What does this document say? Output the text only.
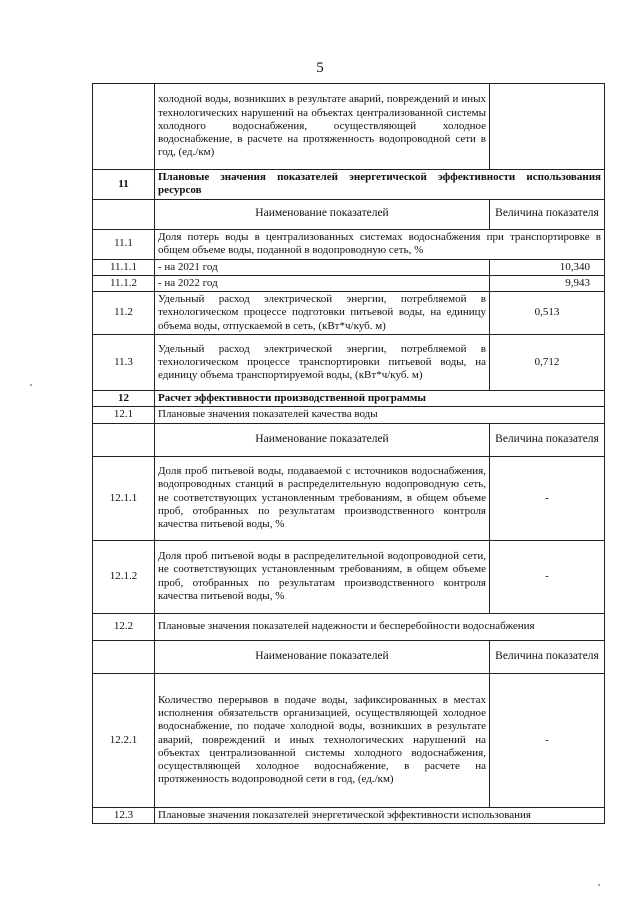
5
	холодной воды, возникших в результате аварий, повреждений и иных технологических нарушений на объектах централизованной системы холодного водоснабжения, осуществляющей холодное водоснабжение, в расчете на протяженность водопроводной сети в год, (ед./км)	
11	Плановые значения показателей энергетической эффективности использования ресурсов	
	Наименование показателей	Величина показателя
11.1	Доля потерь воды в централизованных системах водоснабжения при транспортировке в общем объеме воды, поданной в водопроводную сеть, %	
11.1.1	- на 2021 год	10,340
11.1.2	- на 2022 год	9,943
11.2	Удельный расход электрической энергии, потребляемой в технологическом процессе подготовки питьевой воды, на единицу объема воды, отпускаемой в сеть, (кВт*ч/куб. м)	0,513
11.3	Удельный расход электрической энергии, потребляемой в технологическом процессе транспортировки питьевой воды, на единицу объема транспортируемой воды, (кВт*ч/куб. м)	0,712
12	Расчет эффективности производственной программы	
12.1	Плановые значения показателей качества воды	
	Наименование показателей	Величина показателя
12.1.1	Доля проб питьевой воды, подаваемой с источников водоснабжения, водопроводных станций в распределительную водопроводную сеть, не соответствующих установленным требованиям, в общем объеме проб, отобранных по результатам производственного контроля качества питьевой воды, %	-
12.1.2	Доля проб питьевой воды в распределительной водопроводной сети, не соответствующих установленным требованиям, в общем объеме проб, отобранных по результатам производственного контроля качества питьевой воды, %	-
12.2	Плановые значения показателей надежности и бесперебойности водоснабжения	
	Наименование показателей	Величина показателя
12.2.1	Количество перерывов в подаче воды, зафиксированных в местах исполнения обязательств организацией, осуществляющей холодное водоснабжение, по подаче холодной воды, возникших в результате аварий, повреждений и иных технологических нарушений на объектах централизованной системы холодного водоснабжения, осуществляющей холодное водоснабжение, в расчете на протяженность водопроводной сети в год, (ед./км)	-
12.3	Плановые значения показателей энергетической эффективности использования	
